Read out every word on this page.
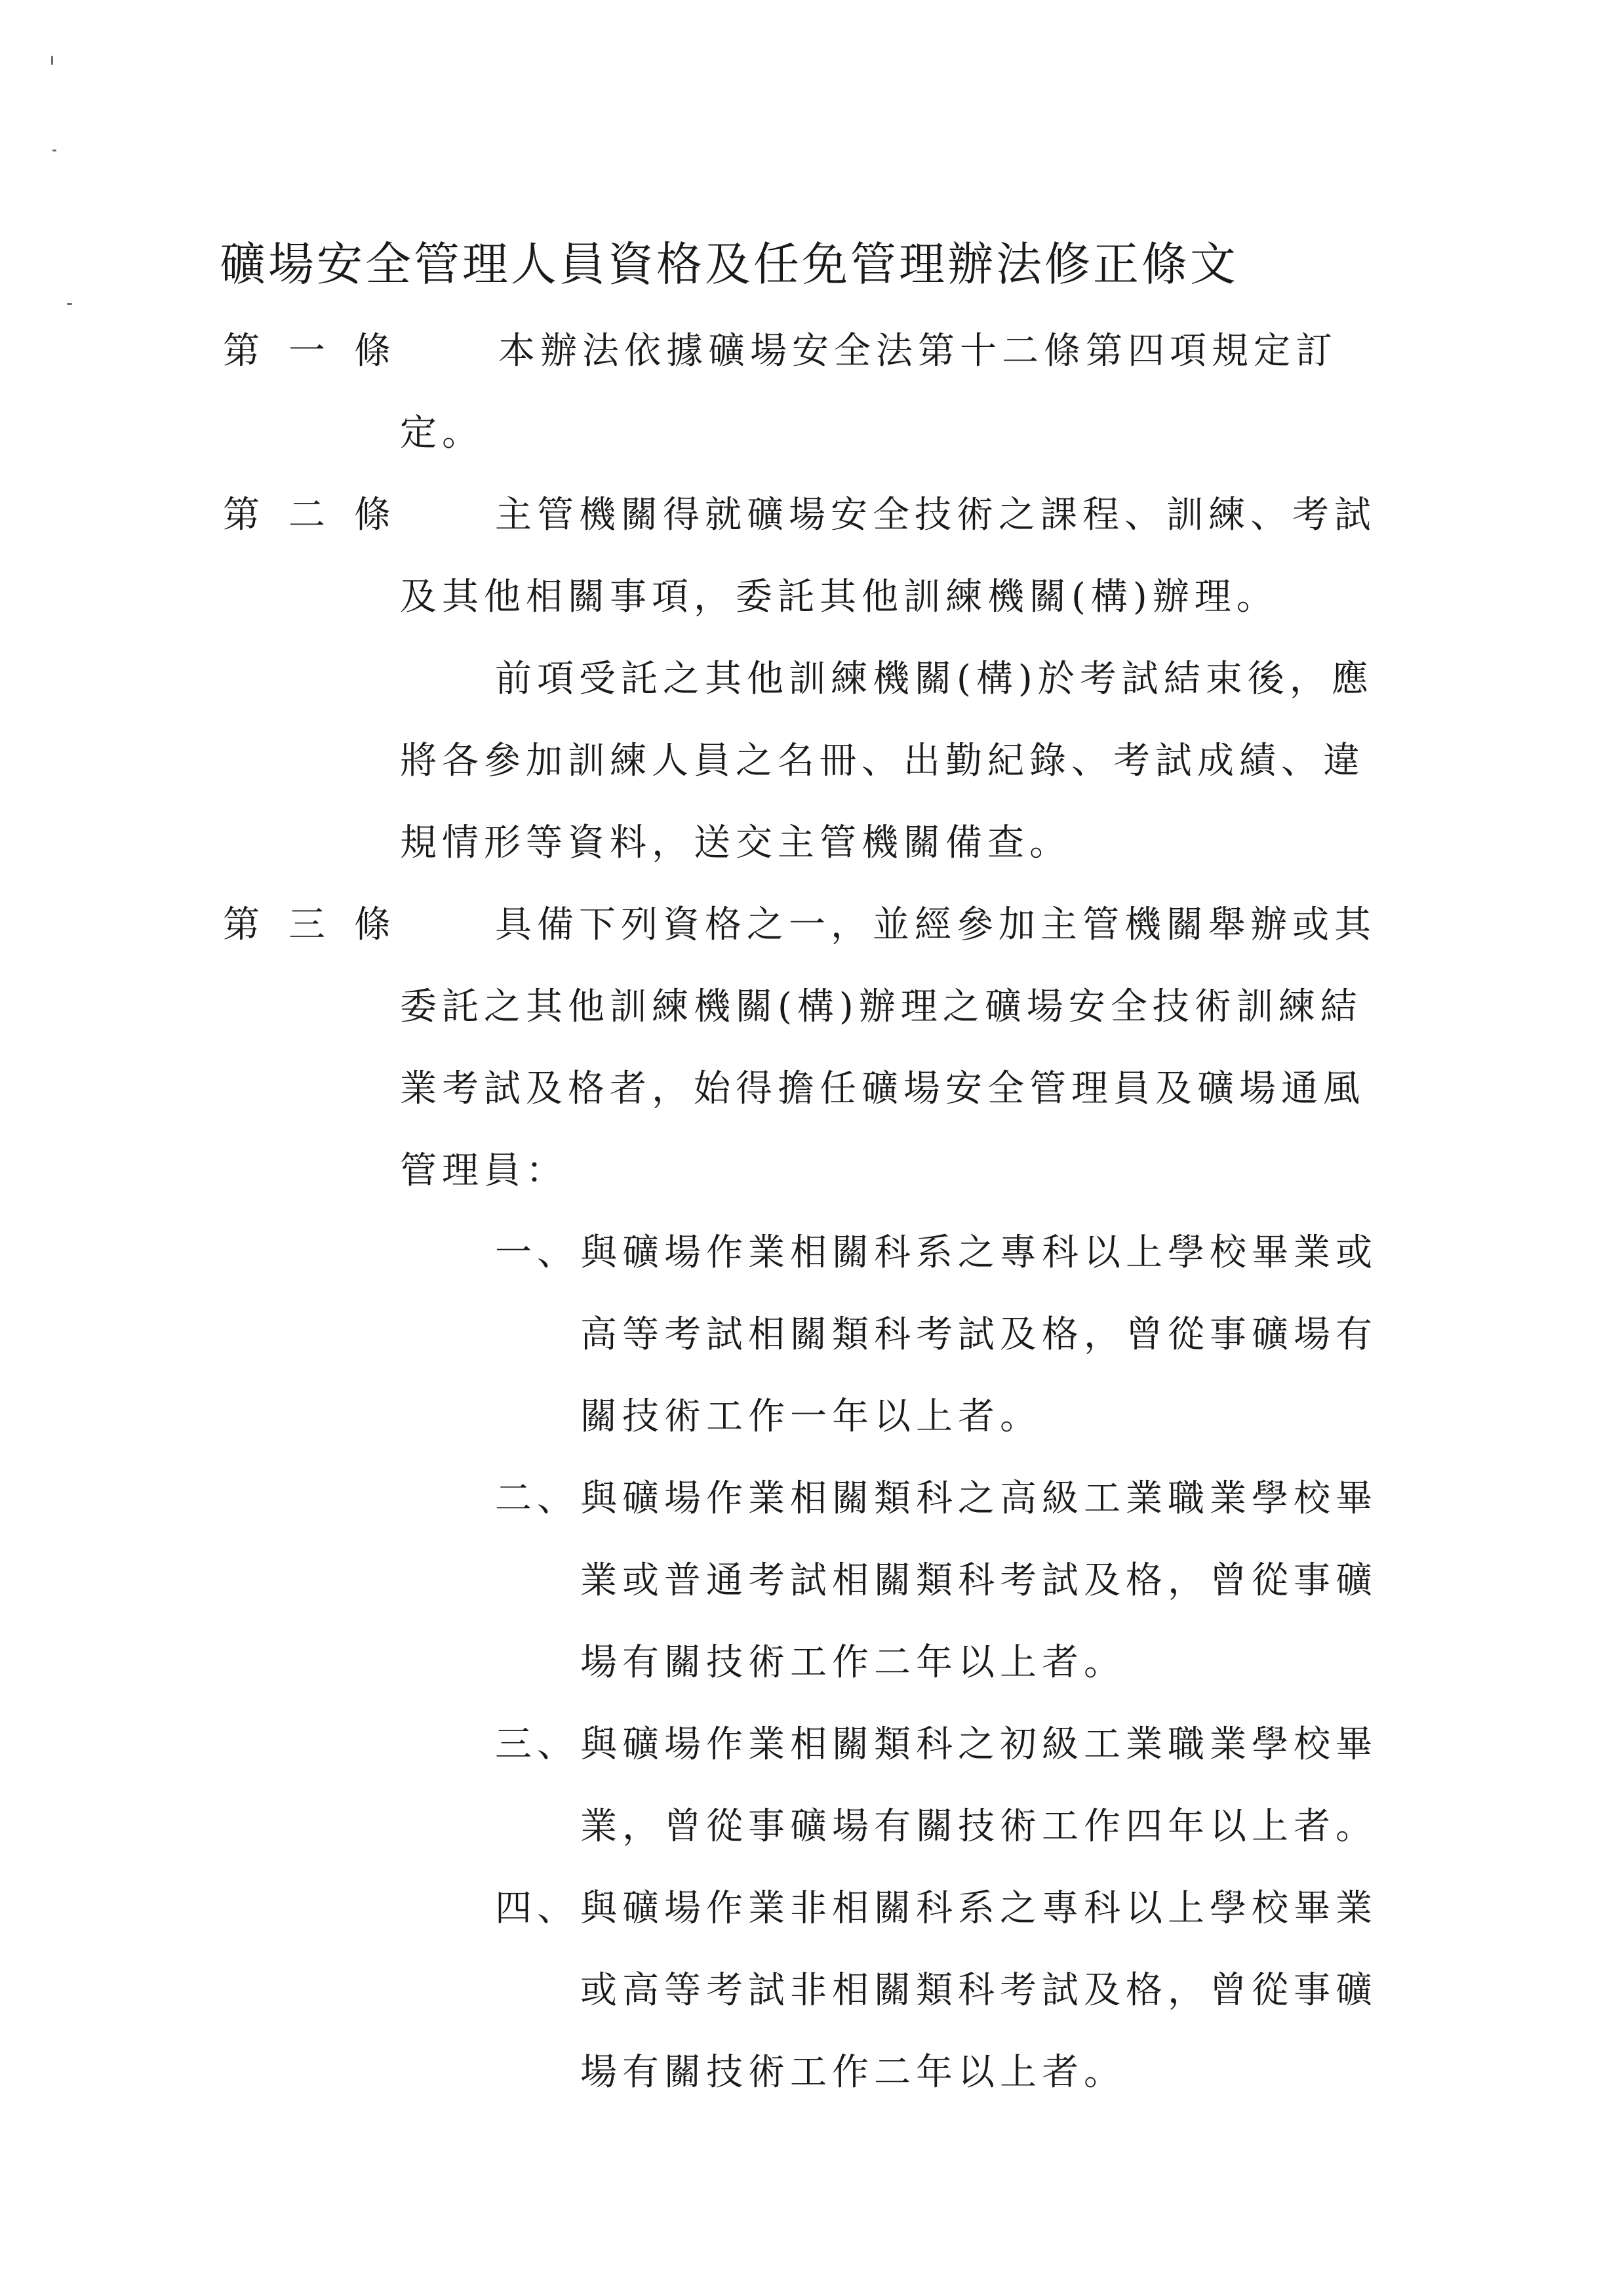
礦場安全管理人員資格及任免管理辦法修正條文
第一條 本辦法依據礦場安全法第十二條第四項規定訂
定。
第二條 主管機關得就礦場安全技術之課程、訓練、考試
及其他相關事項，委託其他訓練機關(構)辦理。
前項受託之其他訓練機關(構)於考試結束後，應
將各參加訓練人員之名冊、出勤紀錄、考試成績、違
規情形等資料，送交主管機關備查。
第三條 具備下列資格之一，並經參加主管機關舉辦或其
委託之其他訓練機關(構)辦理之礦場安全技術訓練結
業考試及格者，始得擔任礦場安全管理員及礦場通風
管理員：
一、 與礦場作業相關科系之專科以上學校畢業或
高等考試相關類科考試及格，曾從事礦場有
關技術工作一年以上者。
二、 與礦場作業相關類科之高級工業職業學校畢
業或普通考試相關類科考試及格，曾從事礦
場有關技術工作二年以上者。
三、 與礦場作業相關類科之初級工業職業學校畢
業，曾從事礦場有關技術工作四年以上者。
四、 與礦場作業非相關科系之專科以上學校畢業
或高等考試非相關類科考試及格，曾從事礦
場有關技術工作二年以上者。
